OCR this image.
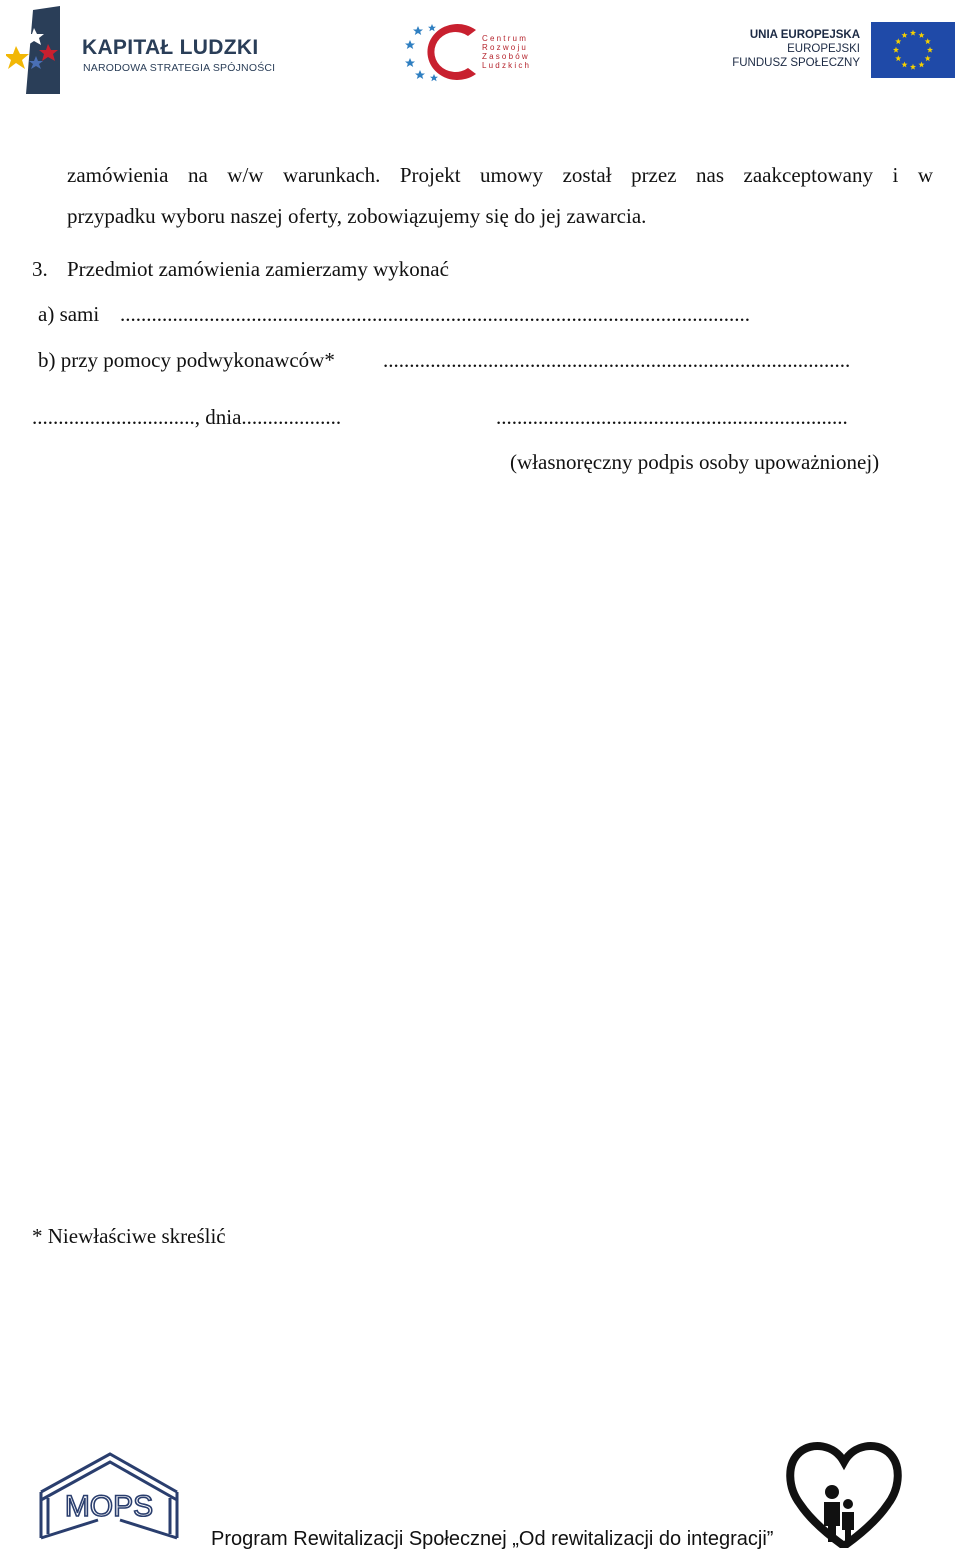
KAPITAŁ LUDZKI
NARODOWA STRATEGIA SPÓJNOŚCI
Centrum
Rozwoju
Zasobów
Ludzkich
UNIA EUROPEJSKA
EUROPEJSKI
FUNDUSZ SPOŁECZNY
zamówienia na w/w warunkach. Projekt umowy został przez nas zaakceptowany i w
przypadku wyboru naszej oferty, zobowiązujemy się do jej zawarcia.
3. Przedmiot zamówienia zamierzamy wykonać
a) sami ........................................................................................................................
b) przy pomocy podwykonawców* .........................................................................................
..............................., dnia...................	...................................................................
(własnoręczny podpis osoby upoważnionej)
* Niewłaściwe skreślić
MOPS
Program Rewitalizacji Społecznej „Od rewitalizacji do integracji”
